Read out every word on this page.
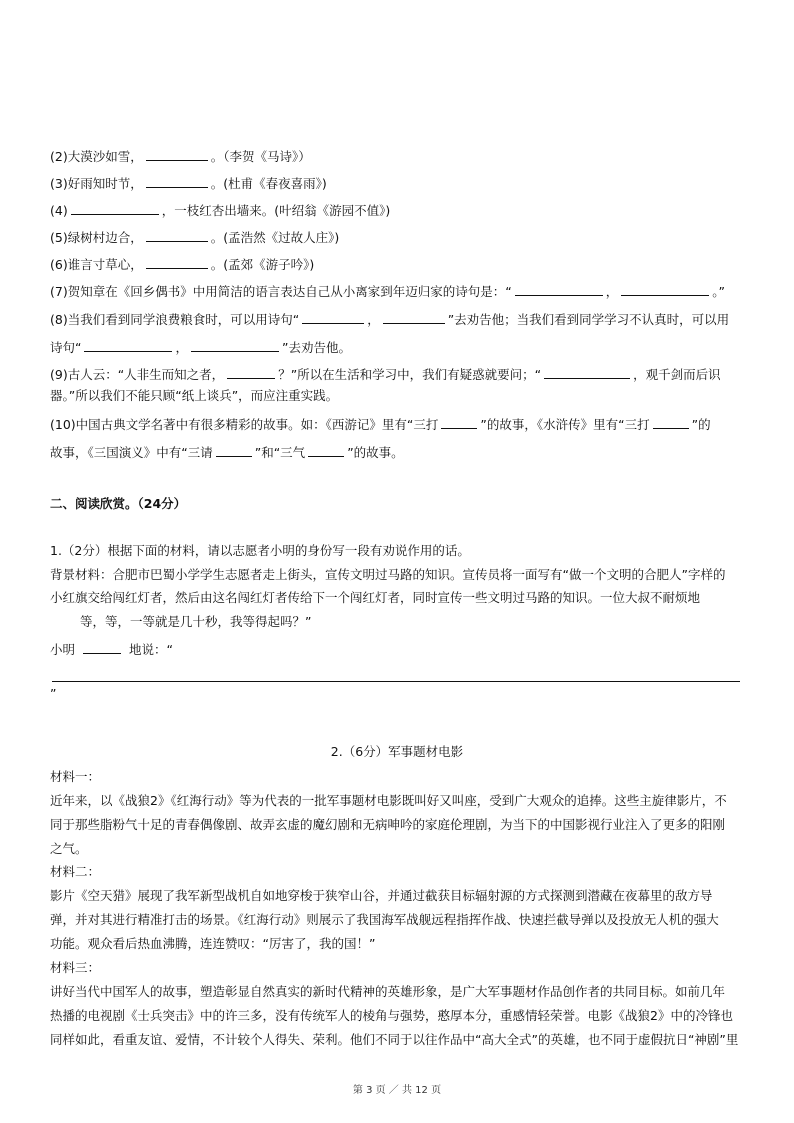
(2)大漠沙如雪，	。（李贺《马诗》）
(3)好雨知时节，	。(杜甫《春夜喜雨》)
(4)	，一枝红杏出墙来。(叶绍翁《游园不值》)
(5)绿树村边合，	。(孟浩然《过故人庄》)
(6)谁言寸草心，	。(孟郊《游子吟》)
(7)贺知章在《回乡偶书》中用简洁的语言表达自己从小离家到年迈归家的诗句是：“	，	。”
(8)当我们看到同学浪费粮食时，可以用诗句“	，	”去劝告他；当我们看到同学学习不认真时，可以用
诗句“	，	”去劝告他。
(9)古人云：“人非生而知之者，	？”所以在生活和学习中，我们有疑惑就要问；“	，观千剑而后识
器。”所以我们不能只顾“纸上谈兵”，而应注重实践。
(10)中国古典文学名著中有很多精彩的故事。如：《西游记》里有“三打	”的故事，《水浒传》里有“三打	”的
故事，《三国演义》中有“三请	”和“三气	”的故事。
二、阅读欣赏。（24分）
1.（2分）根据下面的材料，请以志愿者小明的身份写一段有劝说作用的话。
背景材料：合肥市巴蜀小学学生志愿者走上街头，宣传文明过马路的知识。宣传员将一面写有“做一个文明的合肥人”字样的
小红旗交给闯红灯者，然后由这名闯红灯者传给下一个闯红灯者，同时宣传一些文明过马路的知识。一位大叔不耐烦地
等，等，一等就是几十秒，我等得起吗？”
小明	地说：“
”
2.（6分）军事题材电影
材料一：
近年来，以《战狼2》《红海行动》等为代表的一批军事题材电影既叫好又叫座，受到广大观众的追捧。这些主旋律影片，不
同于那些脂粉气十足的青春偶像剧、故弄玄虚的魔幻剧和无病呻吟的家庭伦理剧，为当下的中国影视行业注入了更多的阳刚
之气。
材料二：
影片《空天猎》展现了我军新型战机自如地穿梭于狭窄山谷，并通过截获目标辐射源的方式探测到潜藏在夜幕里的敌方导
弹，并对其进行精准打击的场景。《红海行动》则展示了我国海军战舰远程指挥作战、快速拦截导弹以及投放无人机的强大
功能。观众看后热血沸腾，连连赞叹：“厉害了，我的国！”
材料三：
讲好当代中国军人的故事，塑造彰显自然真实的新时代精神的英雄形象，是广大军事题材作品创作者的共同目标。如前几年
热播的电视剧《士兵突击》中的许三多，没有传统军人的棱角与强势，憨厚本分，重感情轻荣誉。电影《战狼2》中的冷锋也
同样如此，看重友谊、爱情，不计较个人得失、荣利。他们不同于以往作品中“高大全式”的英雄，也不同于虚假抗日“神剧”里
第 3 页 ／ 共 12 页
